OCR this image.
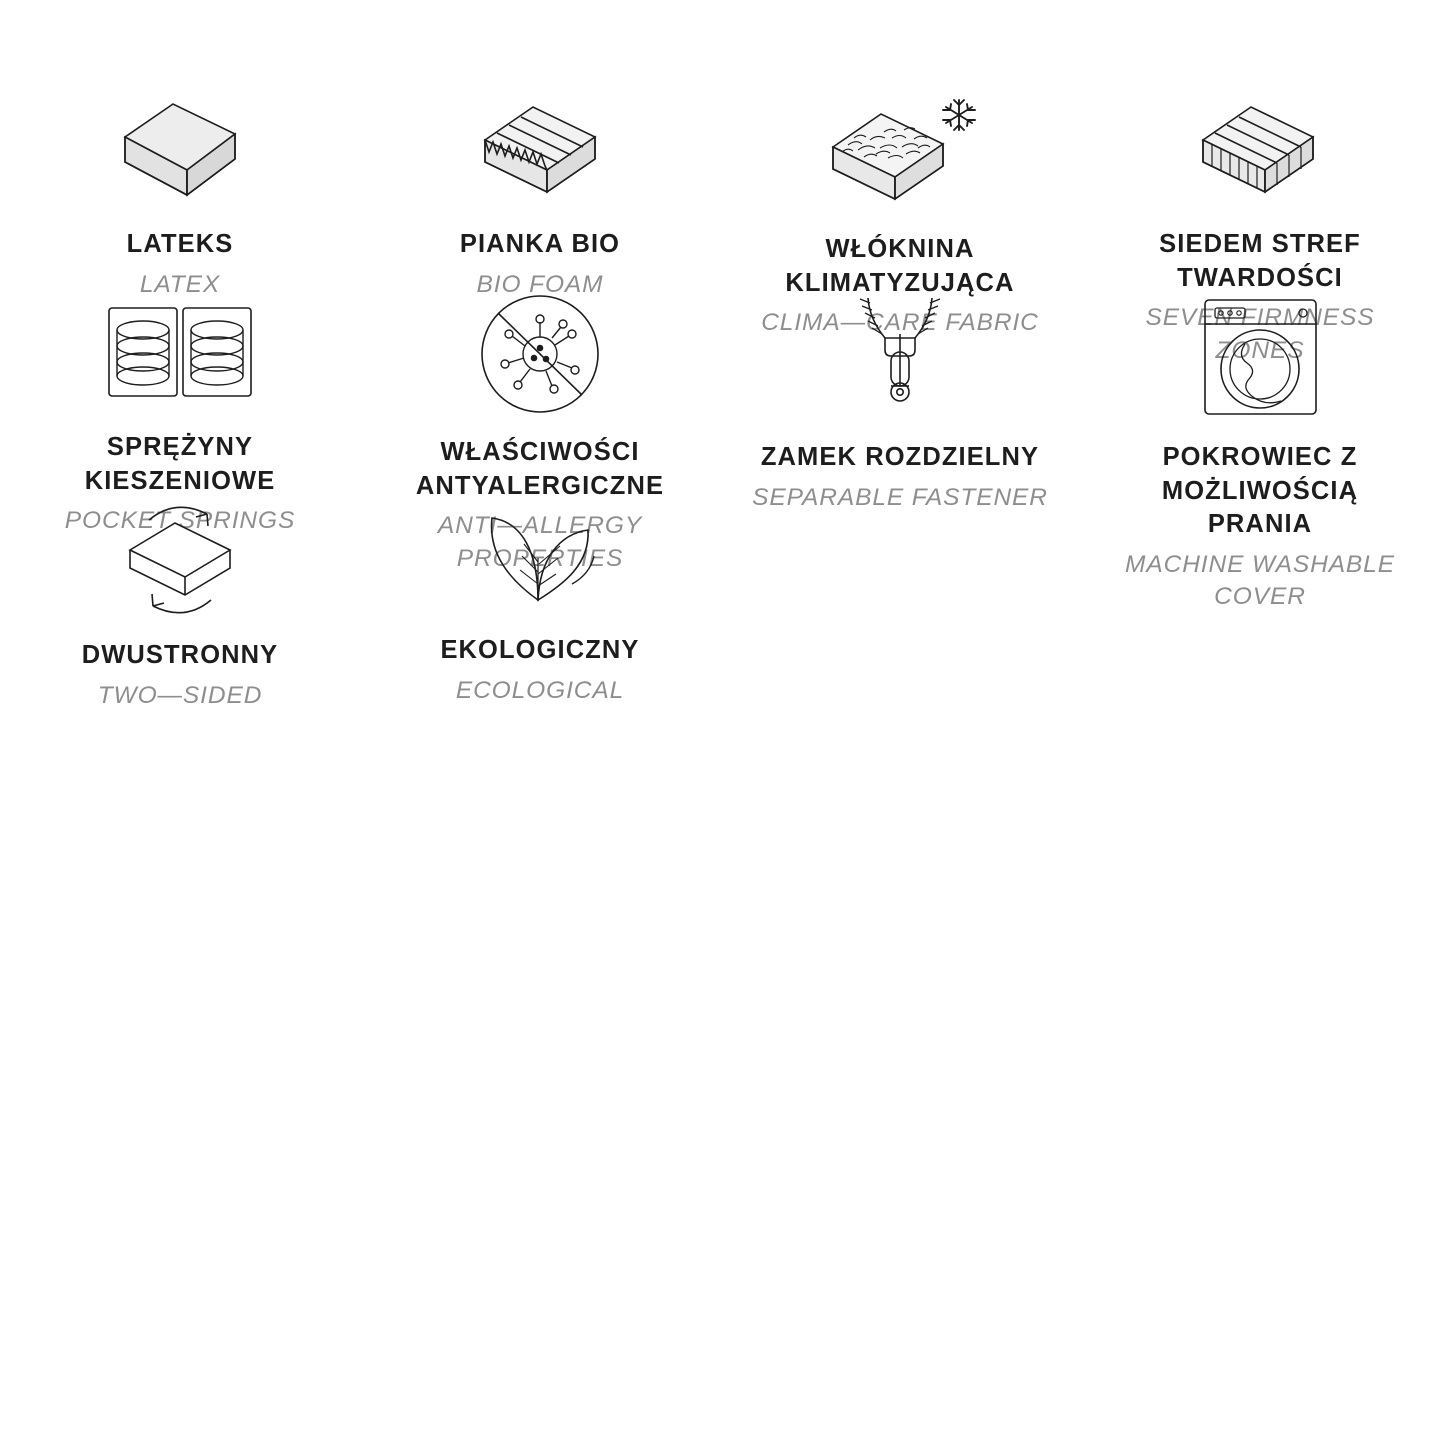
LATEKS
LATEX
PIANKA BIO
BIO FOAM
WŁÓKNINA KLIMATYZUJĄCA
CLIMA—CARE FABRIC
SIEDEM STREF TWARDOŚCI
SEVEN FIRMNESS ZONES
SPRĘŻYNY KIESZENIOWE
POCKET SPRINGS
WŁAŚCIWOŚCI ANTYALERGICZNE
ANTI—ALLERGY PROPERTIES
ZAMEK ROZDZIELNY
SEPARABLE FASTENER
POKROWIEC Z MOŻLIWOŚCIĄ PRANIA
MACHINE WASHABLE COVER
DWUSTRONNY
TWO—SIDED
EKOLOGICZNY
ECOLOGICAL
